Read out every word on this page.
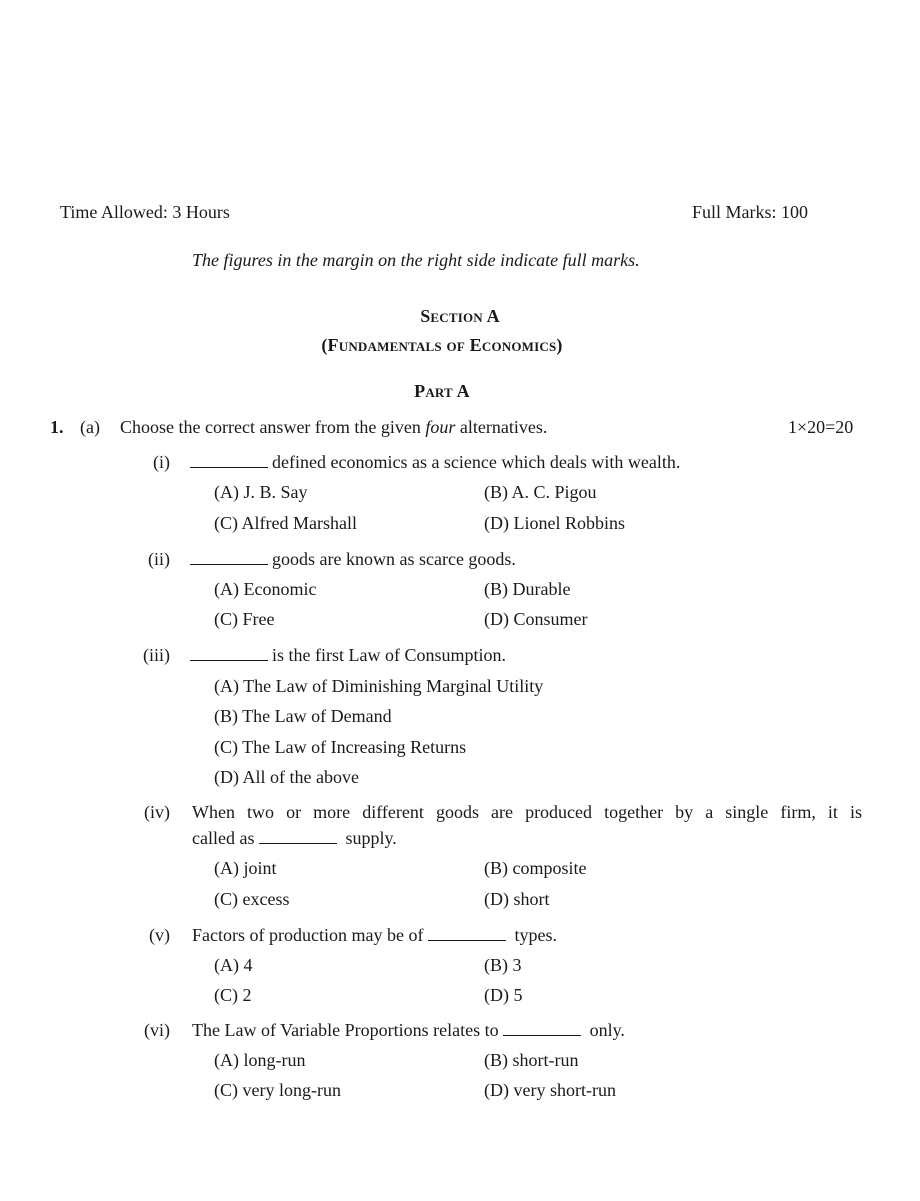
Time Allowed: 3 Hours	Full Marks: 100
The figures in the margin on the right side indicate full marks.
Section A
(Fundamentals of Economics)
Part A
1. (a) Choose the correct answer from the given four alternatives.	1×20=20
(i)	defined economics as a science which deals with wealth.
(A) J. B. Say	(B) A. C. Pigou
(C) Alfred Marshall	(D) Lionel Robbins
(ii)	goods are known as scarce goods.
(A) Economic	(B) Durable
(C) Free	(D) Consumer
(iii)	is the first Law of Consumption.
(A) The Law of Diminishing Marginal Utility
(B) The Law of Demand
(C) The Law of Increasing Returns
(D) All of the above
(iv) When two or more different goods are produced together by a single firm, it is
called as	supply.
(A) joint	(B) composite
(C) excess	(D) short
(v) Factors of production may be of	types.
(A) 4	(B) 3
(C) 2	(D) 5
(vi) The Law of Variable Proportions relates to	only.
(A) long-run	(B) short-run
(C) very long-run	(D) very short-run
